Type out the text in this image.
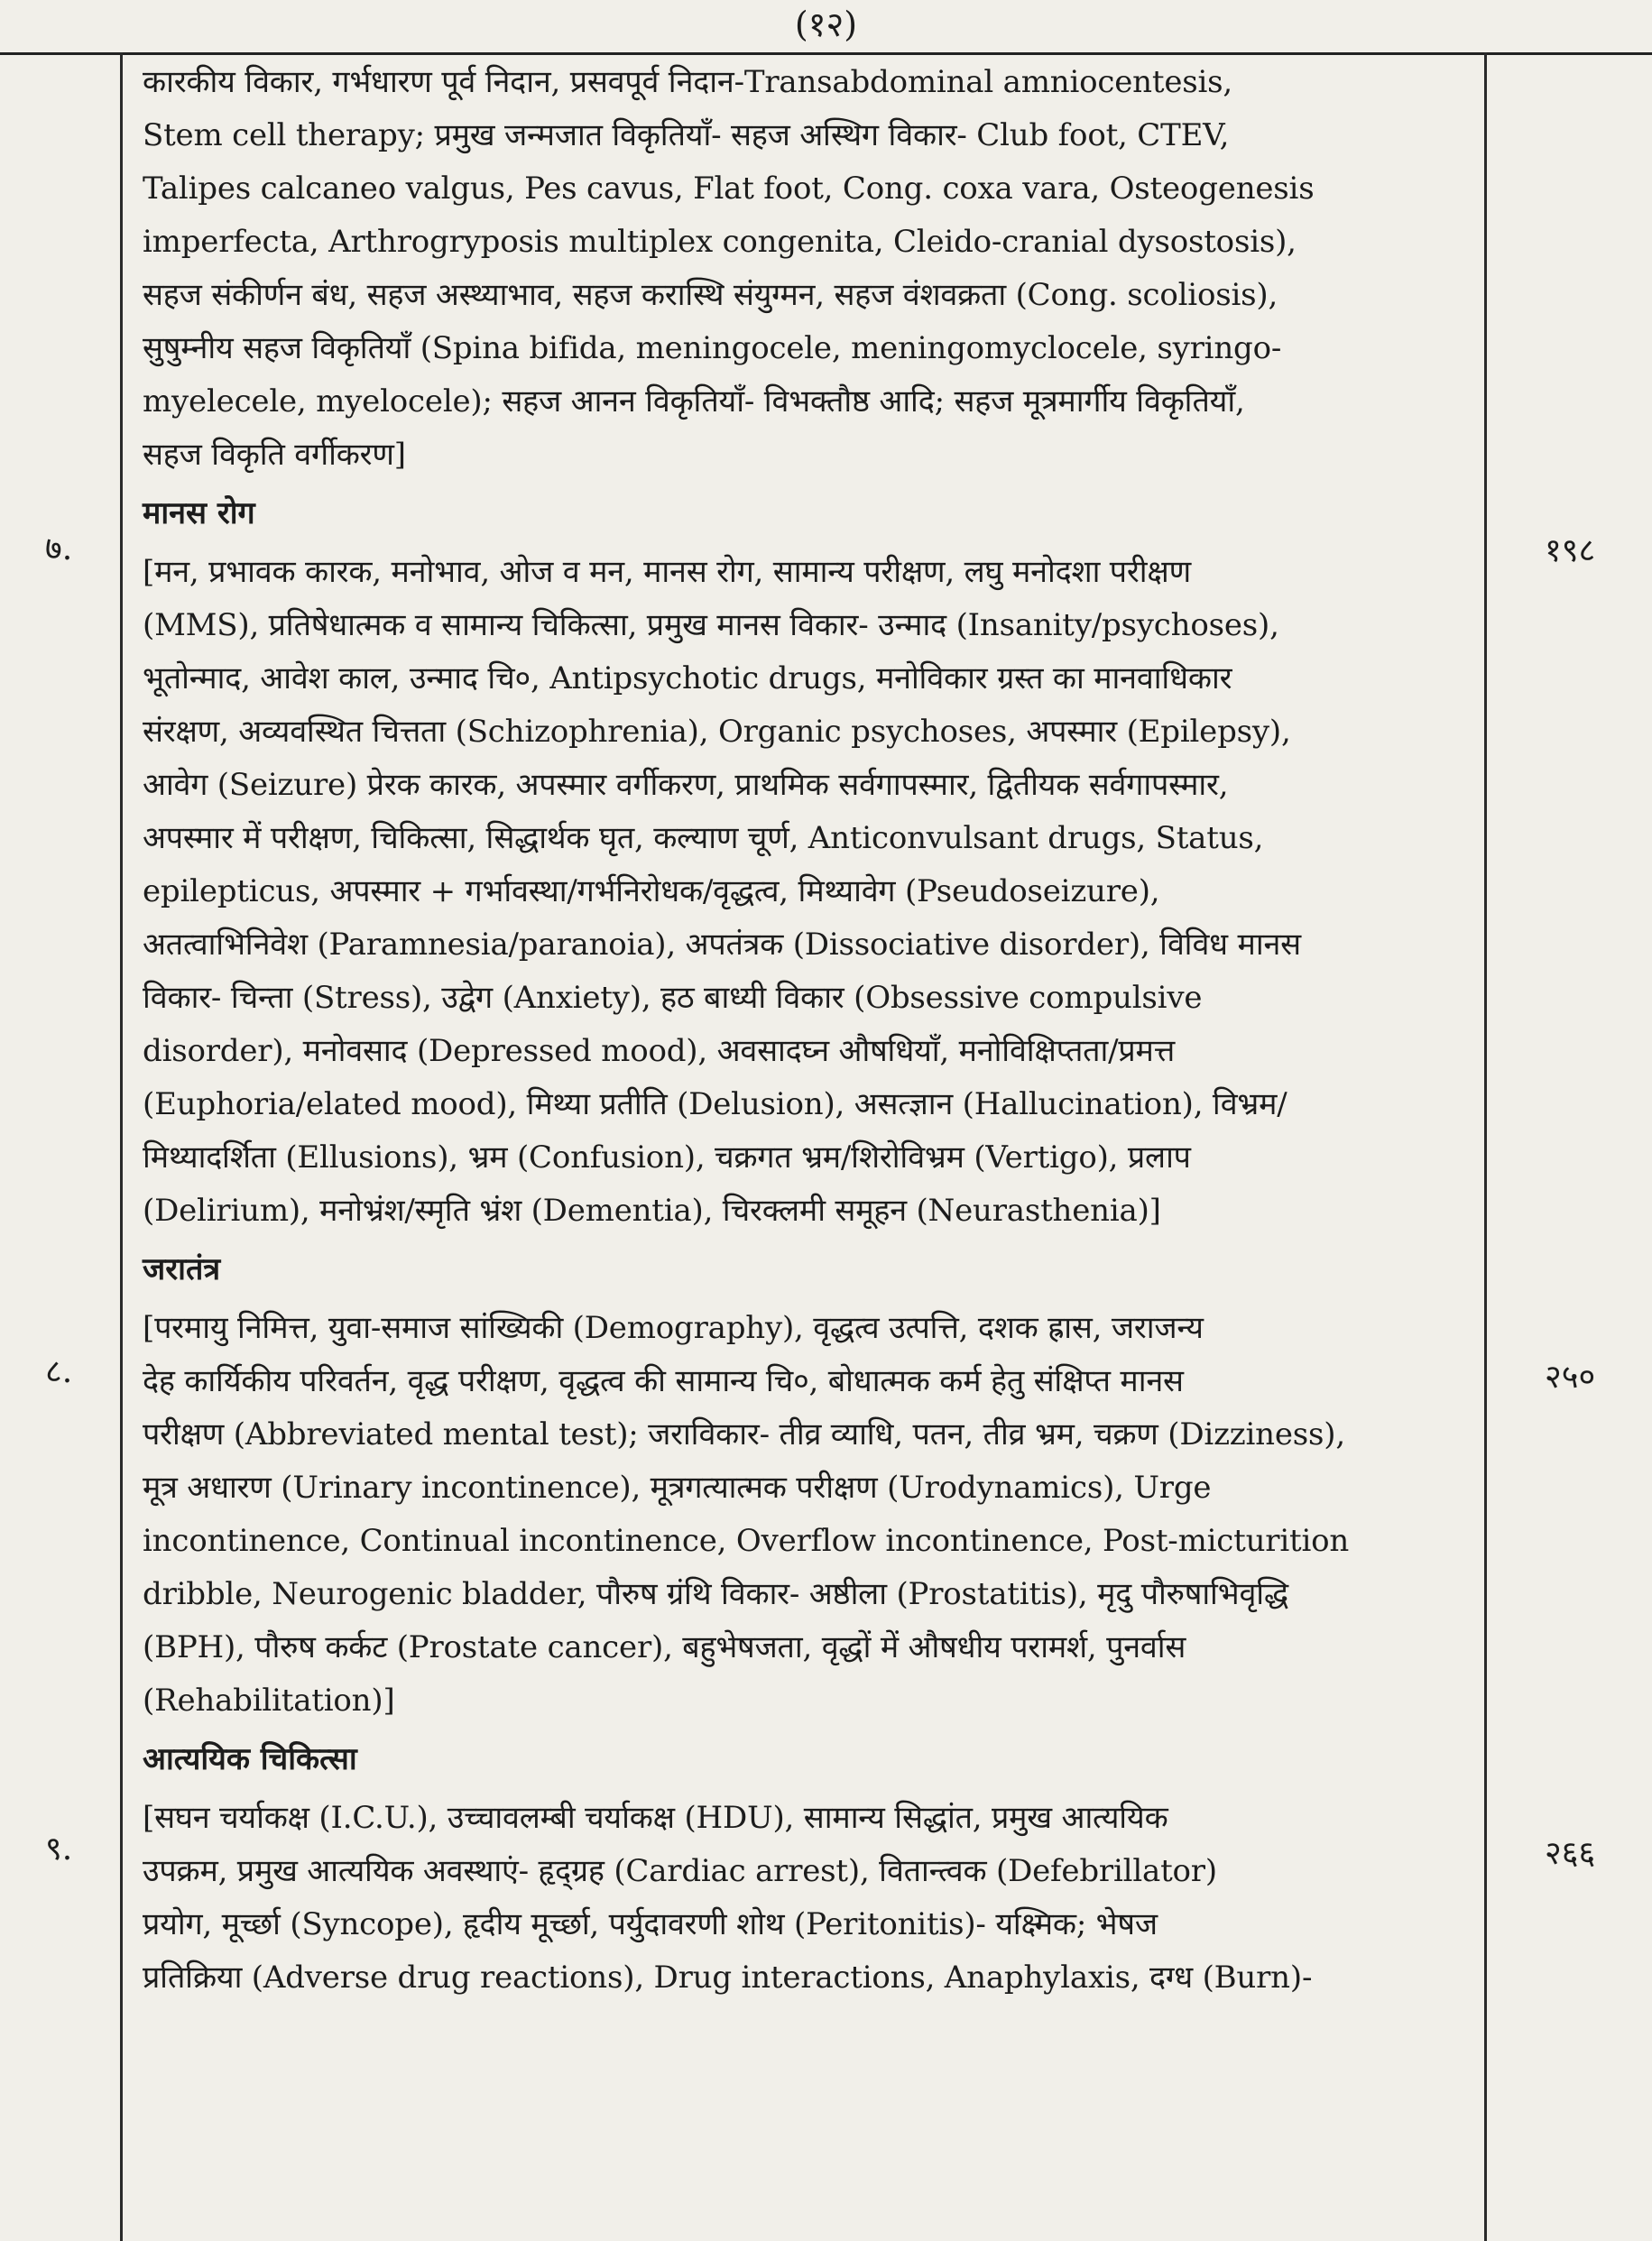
(१२)
७.
८.
९.
१९८
२५०
२६६

कारकीय विकार, गर्भधारण पूर्व निदान, प्रसवपूर्व निदान-Transabdominal amniocentesis,

Stem cell therapy; प्रमुख जन्मजात विकृतियाँ- सहज अस्थिग विकार- Club foot, CTEV,

Talipes calcaneo valgus, Pes cavus, Flat foot, Cong. coxa vara, Osteogenesis

imperfecta, Arthrogryposis multiplex congenita, Cleido-cranial dysostosis),

सहज संकीर्णन बंध, सहज अस्थ्याभाव, सहज करास्थि संयुग्मन, सहज वंशवक्रता (Cong. scoliosis),

सुषुम्नीय सहज विकृतियाँ (Spina bifida, meningocele, meningomyclocele, syringo-

myelecele, myelocele); सहज आनन विकृतियाँ- विभक्तौष्ठ आदि; सहज मूत्रमार्गीय विकृतियाँ,

सहज विकृति वर्गीकरण]

मानस रोग

[मन, प्रभावक कारक, मनोभाव, ओज व मन, मानस रोग, सामान्य परीक्षण, लघु मनोदशा परीक्षण

(MMS), प्रतिषेधात्मक व सामान्य चिकित्सा, प्रमुख मानस विकार- उन्माद (Insanity/psychoses),

भूतोन्माद, आवेश काल, उन्माद चि०, Antipsychotic drugs, मनोविकार ग्रस्त का मानवाधिकार

संरक्षण, अव्यवस्थित चित्तता (Schizophrenia), Organic psychoses, अपस्मार (Epilepsy),

आवेग (Seizure) प्रेरक कारक, अपस्मार वर्गीकरण, प्राथमिक सर्वगापस्मार, द्वितीयक सर्वगापस्मार,

अपस्मार में परीक्षण, चिकित्सा, सिद्धार्थक घृत, कल्याण चूर्ण, Anticonvulsant drugs, Status,

epilepticus, अपस्मार + गर्भावस्था/गर्भनिरोधक/वृद्धत्व, मिथ्यावेग (Pseudoseizure),

अतत्वाभिनिवेश (Paramnesia/paranoia), अपतंत्रक (Dissociative disorder), विविध मानस

विकार- चिन्ता (Stress), उद्वेग (Anxiety), हठ बाध्यी विकार (Obsessive compulsive

disorder), मनोवसाद (Depressed mood), अवसादघ्न औषधियाँ, मनोविक्षिप्तता/प्रमत्त

(Euphoria/elated mood), मिथ्या प्रतीति (Delusion), असत्ज्ञान (Hallucination), विभ्रम/

मिथ्यादर्शिता (Ellusions), भ्रम (Confusion), चक्रगत भ्रम/शिरोविभ्रम (Vertigo), प्रलाप

(Delirium), मनोभ्रंश/स्मृति भ्रंश (Dementia), चिरक्लमी समूहन (Neurasthenia)]

जरातंत्र

[परमायु निमित्त, युवा-समाज सांख्यिकी (Demography), वृद्धत्व उत्पत्ति, दशक ह्रास, जराजन्य

देह कार्यिकीय परिवर्तन, वृद्ध परीक्षण, वृद्धत्व की सामान्य चि०, बोधात्मक कर्म हेतु संक्षिप्त मानस

परीक्षण (Abbreviated mental test); जराविकार- तीव्र व्याधि, पतन, तीव्र भ्रम, चक्रण (Dizziness),

मूत्र अधारण (Urinary incontinence), मूत्रगत्यात्मक परीक्षण (Urodynamics), Urge

incontinence, Continual incontinence, Overflow incontinence, Post-micturition

dribble, Neurogenic bladder, पौरुष ग्रंथि विकार- अष्ठीला (Prostatitis), मृदु पौरुषाभिवृद्धि

(BPH), पौरुष कर्कट (Prostate cancer), बहुभेषजता, वृद्धों में औषधीय परामर्श, पुनर्वास

(Rehabilitation)]

आत्ययिक चिकित्सा

[सघन चर्याकक्ष (I.C.U.), उच्चावलम्बी चर्याकक्ष (HDU), सामान्य सिद्धांत, प्रमुख आत्ययिक

उपक्रम, प्रमुख आत्ययिक अवस्थाएं- हृद्ग्रह (Cardiac arrest), वितान्त्वक (Defebrillator)

प्रयोग, मूर्च्छा (Syncope), हृदीय मूर्च्छा, पर्युदावरणी शोथ (Peritonitis)- यक्ष्मिक; भेषज

प्रतिक्रिया (Adverse drug reactions), Drug interactions, Anaphylaxis, दग्ध (Burn)-
